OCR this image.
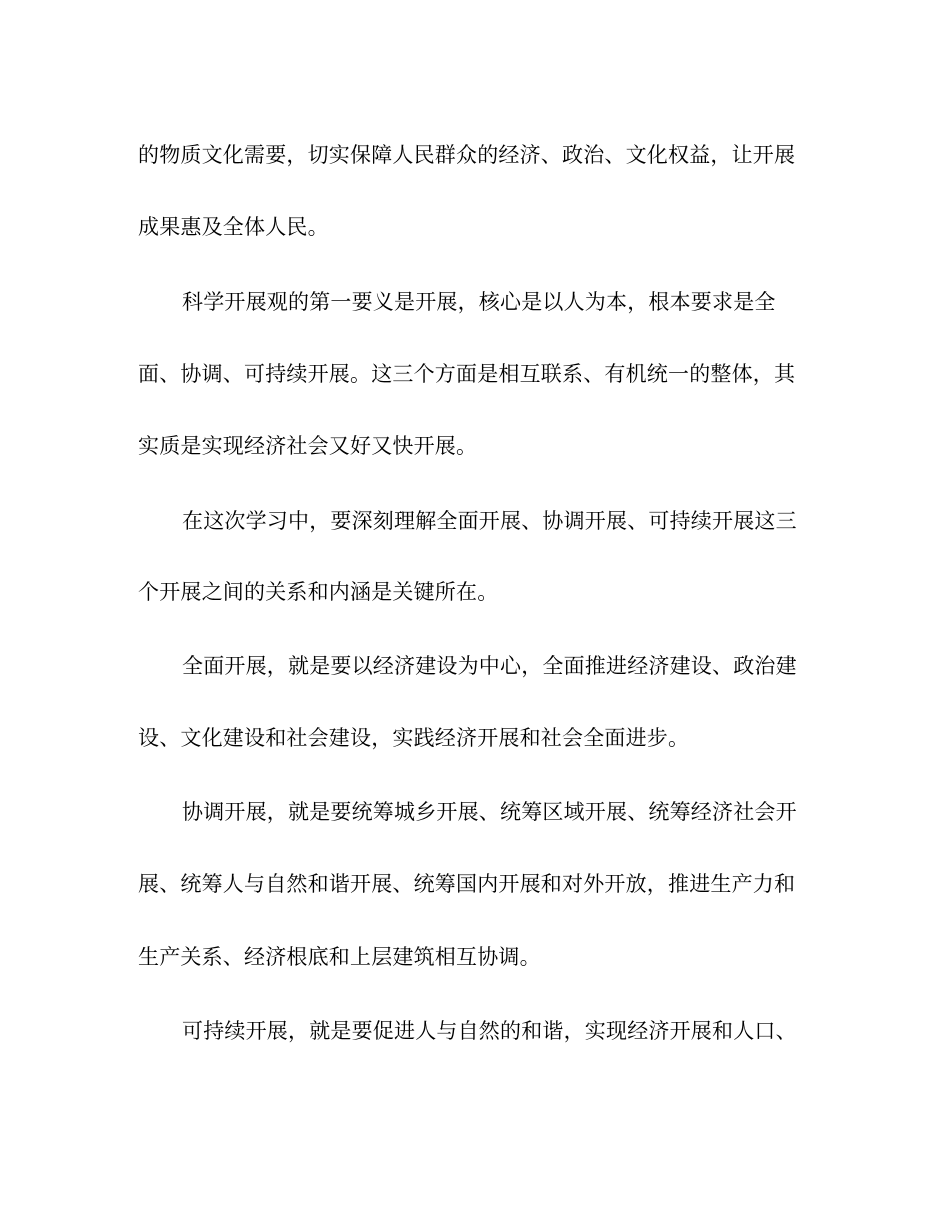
的物质文化需要，切实保障人民群众的经济、政治、文化权益，让开展

成果惠及全体人民。

科学开展观的第一要义是开展，核心是以人为本，根本要求是全

面、协调、可持续开展。这三个方面是相互联系、有机统一的整体，其

实质是实现经济社会又好又快开展。

在这次学习中，要深刻理解全面开展、协调开展、可持续开展这三

个开展之间的关系和内涵是关键所在。

全面开展，就是要以经济建设为中心，全面推进经济建设、政治建

设、文化建设和社会建设，实践经济开展和社会全面进步。

协调开展，就是要统筹城乡开展、统筹区域开展、统筹经济社会开

展、统筹人与自然和谐开展、统筹国内开展和对外开放，推进生产力和

生产关系、经济根底和上层建筑相互协调。

可持续开展，就是要促进人与自然的和谐，实现经济开展和人口、
